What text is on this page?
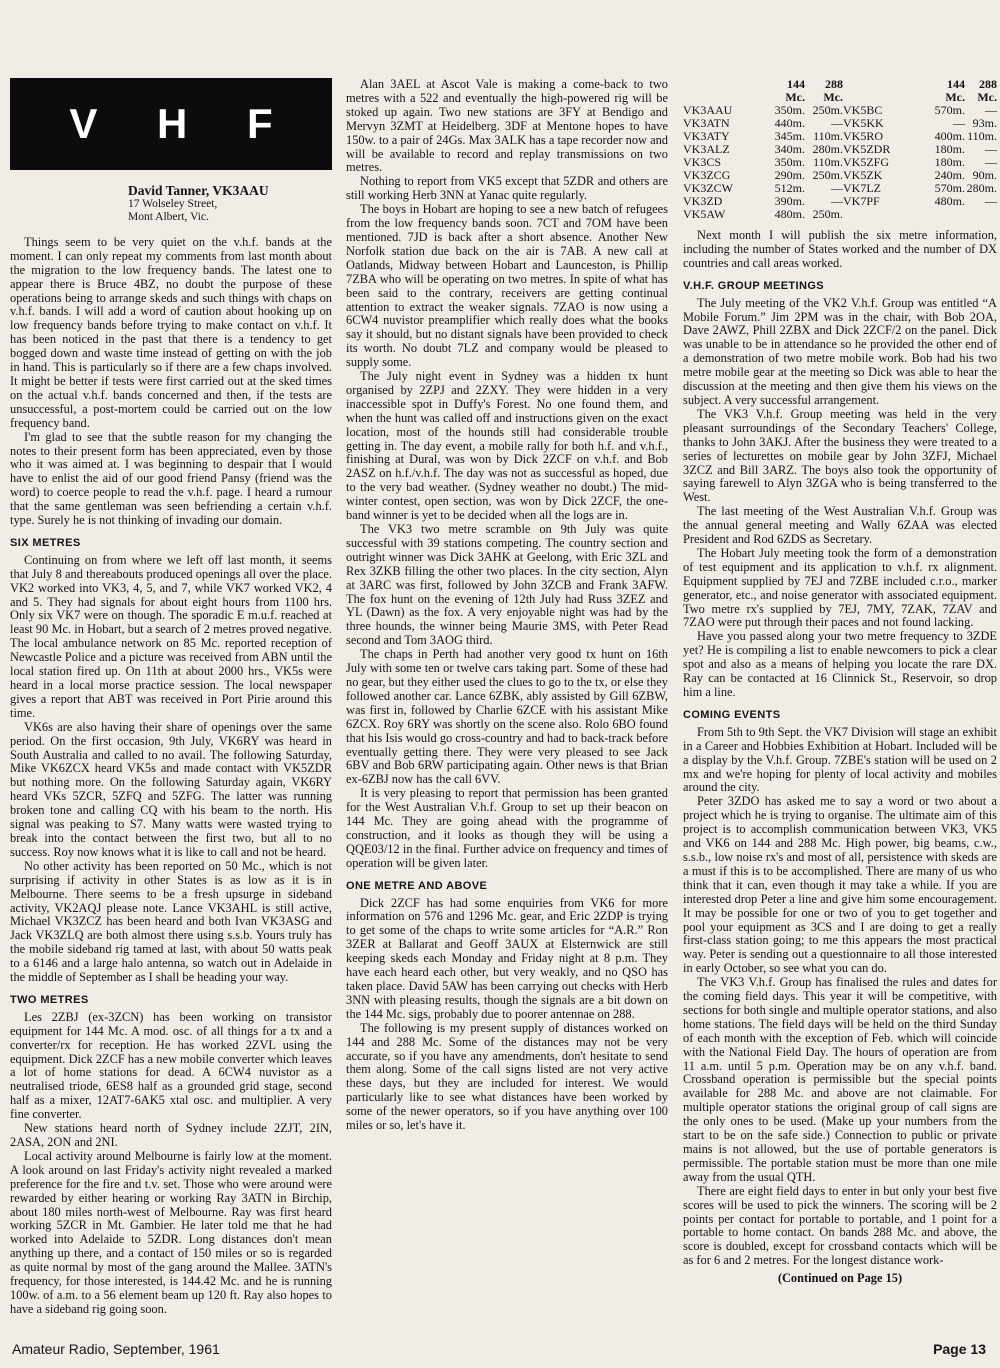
V H F
David Tanner, VK3AAU
17 Wolseley Street,
Mont Albert, Vic.

Things seem to be very quiet on the v.h.f. bands at the moment. I can only repeat my comments from last month about the migration to the low frequency bands. The latest one to appear there is Bruce 4BZ, no doubt the purpose of these operations being to arrange skeds and such things with chaps on v.h.f. bands. I will add a word of caution about hooking up on low frequency bands before trying to make contact on v.h.f. It has been noticed in the past that there is a tendency to get bogged down and waste time instead of getting on with the job in hand. This is particularly so if there are a few chaps involved. It might be better if tests were first carried out at the sked times on the actual v.h.f. bands concerned and then, if the tests are unsuccessful, a post-mortem could be carried out on the low frequency band.

I'm glad to see that the subtle reason for my changing the notes to their present form has been appreciated, even by those who it was aimed at. I was beginning to despair that I would have to enlist the aid of our good friend Pansy (friend was the word) to coerce people to read the v.h.f. page. I heard a rumour that the same gentleman was seen befriending a certain v.h.f. type. Surely he is not thinking of invading our domain.

SIX METRES

Continuing on from where we left off last month, it seems that July 8 and thereabouts produced openings all over the place. VK2 worked into VK3, 4, 5, and 7, while VK7 worked VK2, 4 and 5. They had signals for about eight hours from 1100 hrs. Only six VK7 were on though. The sporadic E m.u.f. reached at least 90 Mc. in Hobart, but a search of 2 metres proved negative. The local ambulance network on 85 Mc. reported reception of Newcastle Police and a picture was received from ABN until the local station fired up. On 11th at about 2000 hrs., VK5s were heard in a local morse practice session. The local newspaper gives a report that ABT was received in Port Pirie around this time.

VK6s are also having their share of openings over the same period. On the first occasion, 9th July, VK6RY was heard in South Australia and called to no avail. The following Saturday, Mike VK6ZCX heard VK5s and made contact with VK5ZDR but nothing more. On the following Saturday again, VK6RY heard VKs 5ZCR, 5ZFQ and 5ZFG. The latter was running broken tone and calling CQ with his beam to the north. His signal was peaking to S7. Many watts were wasted trying to break into the contact between the first two, but all to no success. Roy now knows what it is like to call and not be heard.

No other activity has been reported on 50 Mc., which is not surprising if activity in other States is as low as it is in Melbourne. There seems to be a fresh upsurge in sideband activity, VK2AQJ please note. Lance VK3AHL is still active, Michael VK3ZCZ has been heard and both Ivan VK3ASG and Jack VK3ZLQ are both almost there using s.s.b. Yours truly has the mobile sideband rig tamed at last, with about 50 watts peak to a 6146 and a large halo antenna, so watch out in Adelaide in the middle of September as I shall be heading your way.

TWO METRES

Les 2ZBJ (ex-3ZCN) has been working on transistor equipment for 144 Mc. A mod. osc. of all things for a tx and a converter/rx for reception. He has worked 2ZVL using the equipment. Dick 2ZCF has a new mobile converter which leaves a lot of home stations for dead. A 6CW4 nuvistor as a neutralised triode, 6ES8 half as a grounded grid stage, second half as a mixer, 12AT7-6AK5 xtal osc. and multiplier. A very fine converter.

New stations heard north of Sydney include 2ZJT, 2IN, 2ASA, 2ON and 2NI.

Local activity around Melbourne is fairly low at the moment. A look around on last Friday's activity night revealed a marked preference for the fire and t.v. set. Those who were around were rewarded by either hearing or working Ray 3ATN in Birchip, about 180 miles north-west of Melbourne. Ray was first heard working 5ZCR in Mt. Gambier. He later told me that he had worked into Adelaide to 5ZDR. Long distances don't mean anything up there, and a contact of 150 miles or so is regarded as quite normal by most of the gang around the Mallee. 3ATN's frequency, for those interested, is 144.42 Mc. and he is running 100w. of a.m. to a 56 element beam up 120 ft. Ray also hopes to have a sideband rig going soon.

Alan 3AEL at Ascot Vale is making a come-back to two metres with a 522 and eventually the high-powered rig will be stoked up again. Two new stations are 3FY at Bendigo and Mervyn 3ZMT at Heidelberg. 3DF at Mentone hopes to have 150w. to a pair of 24Gs. Max 3ALK has a tape recorder now and will be available to record and replay transmissions on two metres.

Nothing to report from VK5 except that 5ZDR and others are still working Herb 3NN at Yanac quite regularly.

The boys in Hobart are hoping to see a new batch of refugees from the low frequency bands soon. 7CT and 7OM have been mentioned. 7JD is back after a short absence. Another New Norfolk station due back on the air is 7AB. A new call at Oatlands, Midway between Hobart and Launceston, is Phillip 7ZBA who will be operating on two metres. In spite of what has been said to the contrary, receivers are getting continual attention to extract the weaker signals. 7ZAO is now using a 6CW4 nuvistor preamplifier which really does what the books say it should, but no distant signals have been provided to check its worth. No doubt 7LZ and company would be pleased to supply some.

The July night event in Sydney was a hidden tx hunt organised by 2ZPJ and 2ZXY. They were hidden in a very inaccessible spot in Duffy's Forest. No one found them, and when the hunt was called off and instructions given on the exact location, most of the hounds still had considerable trouble getting in. The day event, a mobile rally for both h.f. and v.h.f., finishing at Dural, was won by Dick 2ZCF on v.h.f. and Bob 2ASZ on h.f./v.h.f. The day was not as successful as hoped, due to the very bad weather. (Sydney weather no doubt.) The mid-winter contest, open section, was won by Dick 2ZCF, the one-band winner is yet to be decided when all the logs are in.

The VK3 two metre scramble on 9th July was quite successful with 39 stations competing. The country section and outright winner was Dick 3AHK at Geelong, with Eric 3ZL and Rex 3ZKB filling the other two places. In the city section, Alyn at 3ARC was first, followed by John 3ZCB and Frank 3AFW. The fox hunt on the evening of 12th July had Russ 3ZEZ and YL (Dawn) as the fox. A very enjoyable night was had by the three hounds, the winner being Maurie 3MS, with Peter Read second and Tom 3AOG third.

The chaps in Perth had another very good tx hunt on 16th July with some ten or twelve cars taking part. Some of these had no gear, but they either used the clues to go to the tx, or else they followed another car. Lance 6ZBK, ably assisted by Gill 6ZBW, was first in, followed by Charlie 6ZCE with his assistant Mike 6ZCX. Roy 6RY was shortly on the scene also. Rolo 6BO found that his Isis would go cross-country and had to back-track before eventually getting there. They were very pleased to see Jack 6BV and Bob 6RW participating again. Other news is that Brian ex-6ZBJ now has the call 6VV.

It is very pleasing to report that permission has been granted for the West Australian V.h.f. Group to set up their beacon on 144 Mc. They are going ahead with the programme of construction, and it looks as though they will be using a QQE03/12 in the final. Further advice on frequency and times of operation will be given later.

ONE METRE AND ABOVE

Dick 2ZCF has had some enquiries from VK6 for more information on 576 and 1296 Mc. gear, and Eric 2ZDP is trying to get some of the chaps to write some articles for “A.R.” Ron 3ZER at Ballarat and Geoff 3AUX at Elsternwick are still keeping skeds each Monday and Friday night at 8 p.m. They have each heard each other, but very weakly, and no QSO has taken place. David 5AW has been carrying out checks with Herb 3NN with pleasing results, though the signals are a bit down on the 144 Mc. sigs, probably due to poorer antennae on 288.

The following is my present supply of distances worked on 144 and 288 Mc. Some of the distances may not be very accurate, so if you have any amendments, don't hesitate to send them along. Some of the call signs listed are not very active these days, but they are included for interest. We would particularly like to see what distances have been worked by some of the newer operators, so if you have anything over 100 miles or so, let's have it.

144	288	144	288
Mc.	Mc.	Mc.	Mc.
VK3AAU	350m. 250m. VK5BC	570m.	—
VK3ATN	440m.	— VK5KK	— 93m.
VK3ATY	345m. 110m. VK5RO	400m. 110m.
VK3ALZ	340m. 280m. VK5ZDR	180m.	—
VK3CS	350m. 110m. VK5ZFG	180m.	—
VK3ZCG	290m. 250m. VK5ZK	240m. 90m.
VK3ZCW	512m.	— VK7LZ	570m. 280m.
VK3ZD	390m.	— VK7PF	480m.	—
VK5AW	480m. 250m.

Next month I will publish the six metre information, including the number of States worked and the number of DX countries and call areas worked.

V.H.F. GROUP MEETINGS

The July meeting of the VK2 V.h.f. Group was entitled “A Mobile Forum.” Jim 2PM was in the chair, with Bob 2OA, Dave 2AWZ, Phill 2ZBX and Dick 2ZCF/2 on the panel. Dick was unable to be in attendance so he provided the other end of a demonstration of two metre mobile work. Bob had his two metre mobile gear at the meeting so Dick was able to hear the discussion at the meeting and then give them his views on the subject. A very successful arrangement.

The VK3 V.h.f. Group meeting was held in the very pleasant surroundings of the Secondary Teachers' College, thanks to John 3AKJ. After the business they were treated to a series of lecturettes on mobile gear by John 3ZFJ, Michael 3ZCZ and Bill 3ARZ. The boys also took the opportunity of saying farewell to Alyn 3ZGA who is being transferred to the West.

The last meeting of the West Australian V.h.f. Group was the annual general meeting and Wally 6ZAA was elected President and Rod 6ZDS as Secretary.

The Hobart July meeting took the form of a demonstration of test equipment and its application to v.h.f. rx alignment. Equipment supplied by 7EJ and 7ZBE included c.r.o., marker generator, etc., and noise generator with associated equipment. Two metre rx's supplied by 7EJ, 7MY, 7ZAK, 7ZAV and 7ZAO were put through their paces and not found lacking.

Have you passed along your two metre frequency to 3ZDE yet? He is compiling a list to enable newcomers to pick a clear spot and also as a means of helping you locate the rare DX. Ray can be contacted at 16 Clinnick St., Reservoir, so drop him a line.

COMING EVENTS

From 5th to 9th Sept. the VK7 Division will stage an exhibit in a Career and Hobbies Exhibition at Hobart. Included will be a display by the V.h.f. Group. 7ZBE's station will be used on 2 mx and we're hoping for plenty of local activity and mobiles around the city.

Peter 3ZDO has asked me to say a word or two about a project which he is trying to organise. The ultimate aim of this project is to accomplish communication between VK3, VK5 and VK6 on 144 and 288 Mc. High power, big beams, c.w., s.s.b., low noise rx's and most of all, persistence with skeds are a must if this is to be accomplished. There are many of us who think that it can, even though it may take a while. If you are interested drop Peter a line and give him some encouragement. It may be possible for one or two of you to get together and pool your equipment as 3CS and I are doing to get a really first-class station going; to me this appears the most practical way. Peter is sending out a questionnaire to all those interested in early October, so see what you can do.

The VK3 V.h.f. Group has finalised the rules and dates for the coming field days. This year it will be competitive, with sections for both single and multiple operator stations, and also home stations. The field days will be held on the third Sunday of each month with the exception of Feb. which will coincide with the National Field Day. The hours of operation are from 11 a.m. until 5 p.m. Operation may be on any v.h.f. band. Crossband operation is permissible but the special points available for 288 Mc. and above are not claimable. For multiple operator stations the original group of call signs are the only ones to be used. (Make up your numbers from the start to be on the safe side.) Connection to public or private mains is not allowed, but the use of portable generators is permissible. The portable station must be more than one mile away from the usual QTH.

There are eight field days to enter in but only your best five scores will be used to pick the winners. The scoring will be 2 points per contact for portable to portable, and 1 point for a portable to home contact. On bands 288 Mc. and above, the score is doubled, except for crossband contacts which will be as for 6 and 2 metres. For the longest distance work-

(Continued on Page 15)
Amateur Radio, September, 1961	Page 13
